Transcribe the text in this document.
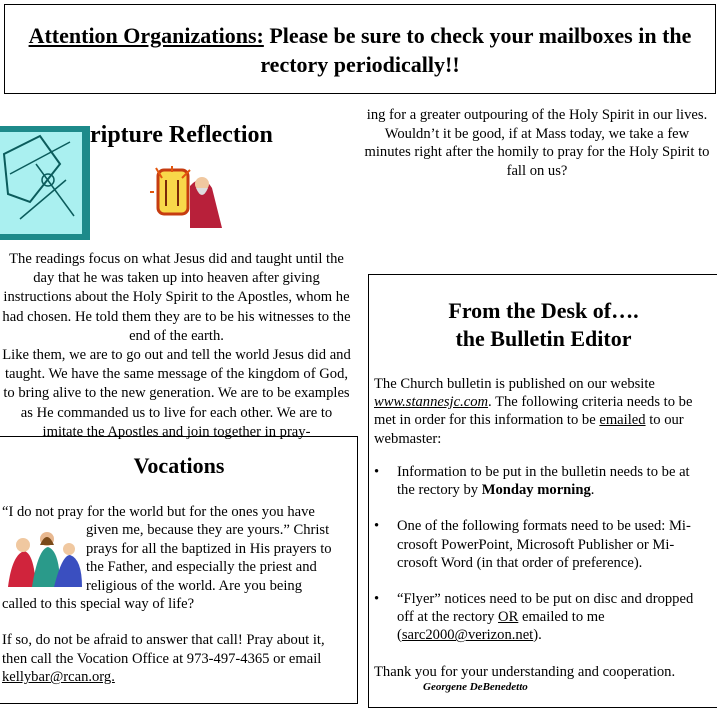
Attention Organizations: Please be sure to check your mailboxes in the rectory periodically!!
ripture Reflection

The readings focus on what Jesus did and taught until the day that he was taken up into heaven after giving instructions about the Holy Spirit to the Apostles, whom he had chosen. He told them they are to be his witnesses to the end of the earth.

Like them, we are to go out and tell the world Jesus did and taught. We have the same message of the kingdom of God, to bring alive to the new generation. We are to be examples as He commanded us to live for each other. We are to imitate the Apostles and join together in pray-

ing for a greater outpouring of the Holy Spirit in our lives.

Wouldn’t it be good, if at Mass today, we take a few minutes right after the homily to pray for the Holy Spirit to fall on us?

Vocations

“I do not pray for the world but for the ones you have

given me, because they are yours.” Christ prays for all the baptized in His prayers to the Father, and especially the priest and religious of the world. Are you being

called to this special way of life?

If so, do not be afraid to answer that call! Pray about it, then call the Vocation Office at 973-497-4365 or email kellybar@rcan.org.

From the Desk of….
the Bulletin Editor
The Church bulletin is published on our website www.stannesjc.com. The following criteria needs to be met in order for this information to be emailed to our webmaster:
• Information to be put in the bulletin needs to be at the rectory by Monday morning.
• One of the following formats need to be used: Mi-crosoft PowerPoint, Microsoft Publisher or Mi-crosoft Word (in that order of preference).
• “Flyer” notices need to be put on disc and dropped off at the rectory OR emailed to me (sarc2000@verizon.net).
Thank you for your understanding and cooperation.
Georgene DeBenedetto
